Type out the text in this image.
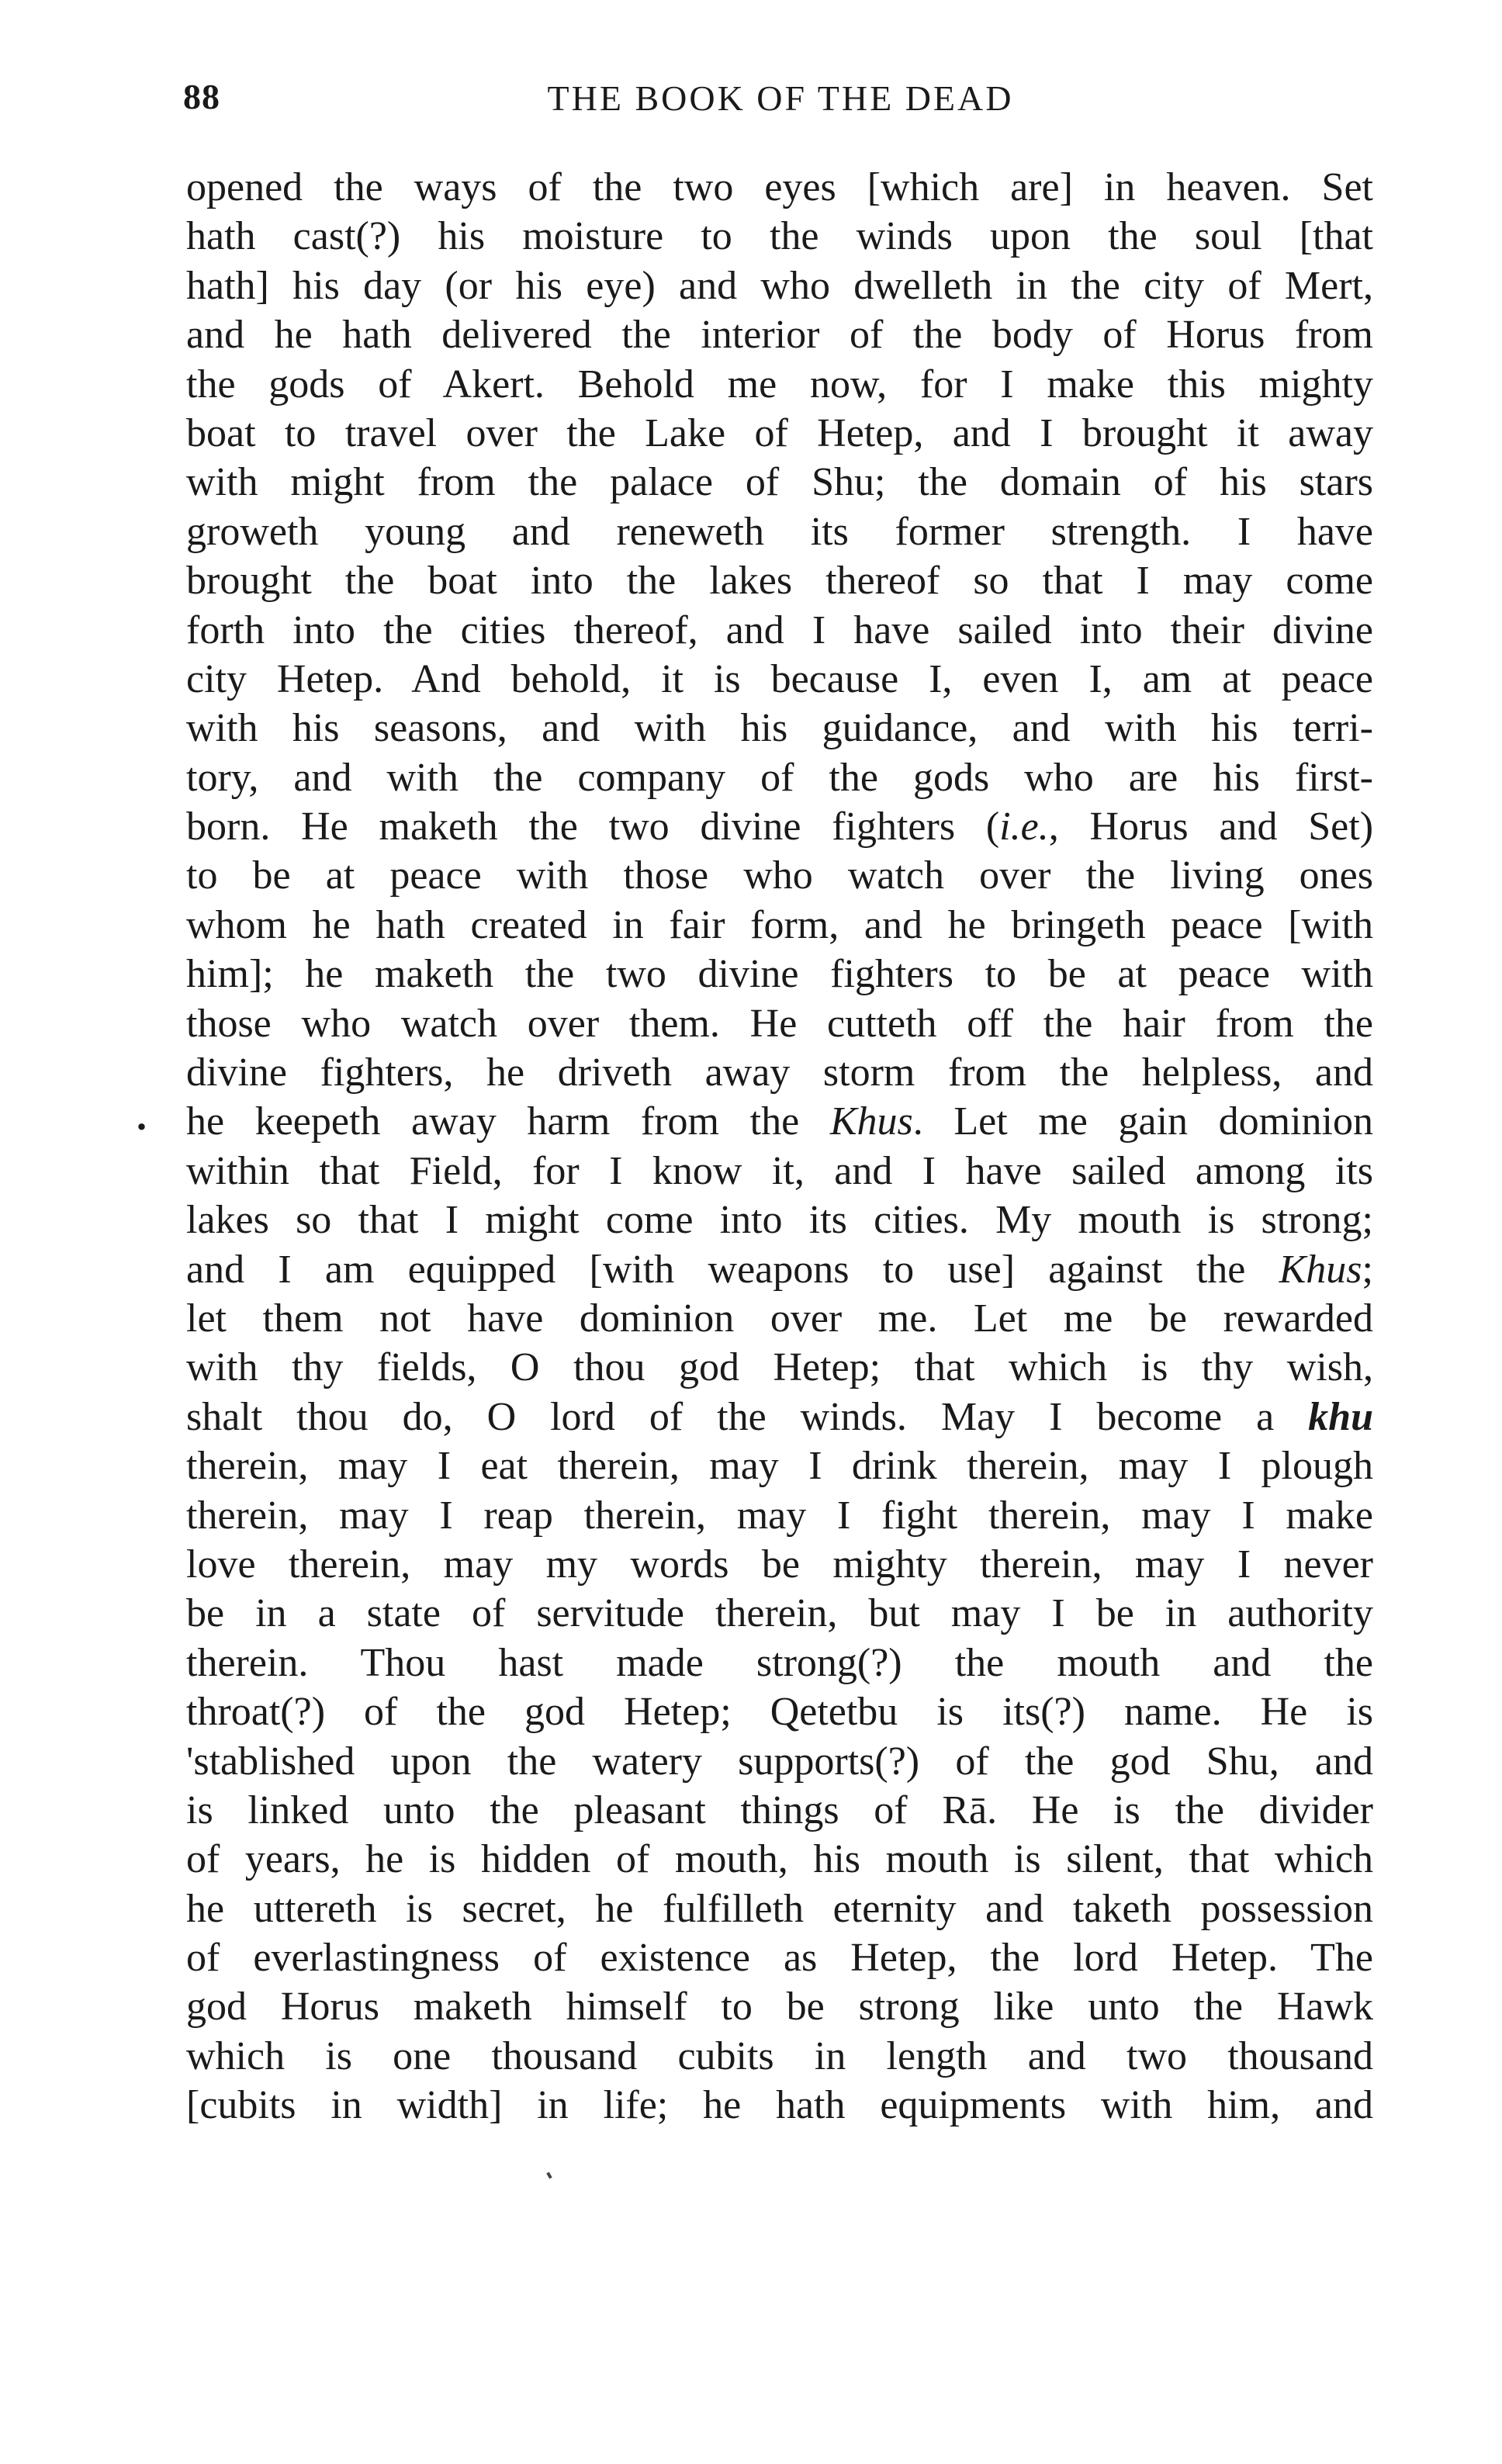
88	THE BOOK OF THE DEAD
.
opened the ways of the two eyes [which are] in heaven. Set
hath cast(?) his moisture to the winds upon the soul [that
hath] his day (or his eye) and who dwelleth in the city of Mert,
and he hath delivered the interior of the body of Horus from
the gods of Akert. Behold me now, for I make this mighty
boat to travel over the Lake of Hetep, and I brought it away
with might from the palace of Shu; the domain of his stars
groweth young and reneweth its former strength. I have
brought the boat into the lakes thereof so that I may come
forth into the cities thereof, and I have sailed into their divine
city Hetep. And behold, it is because I, even I, am at peace
with his seasons, and with his guidance, and with his terri-
tory, and with the company of the gods who are his first-
born. He maketh the two divine fighters (i.e., Horus and Set)
to be at peace with those who watch over the living ones
whom he hath created in fair form, and he bringeth peace [with
him]; he maketh the two divine fighters to be at peace with
those who watch over them. He cutteth off the hair from the
divine fighters, he driveth away storm from the helpless, and
he keepeth away harm from the Khus. Let me gain dominion
within that Field, for I know it, and I have sailed among its
lakes so that I might come into its cities. My mouth is strong;
and I am equipped [with weapons to use] against the Khus;
let them not have dominion over me. Let me be rewarded
with thy fields, O thou god Hetep; that which is thy wish,
shalt thou do, O lord of the winds. May I become a khu
therein, may I eat therein, may I drink therein, may I plough
therein, may I reap therein, may I fight therein, may I make
love therein, may my words be mighty therein, may I never
be in a state of servitude therein, but may I be in authority
therein. Thou hast made strong(?) the mouth and the
throat(?) of the god Hetep; Qetetbu is its(?) name. He is
'stablished upon the watery supports(?) of the god Shu, and
is linked unto the pleasant things of Rā. He is the divider
of years, he is hidden of mouth, his mouth is silent, that which
he uttereth is secret, he fulfilleth eternity and taketh possession
of everlastingness of existence as Hetep, the lord Hetep. The
god Horus maketh himself to be strong like unto the Hawk
which is one thousand cubits in length and two thousand
[cubits in width] in life; he hath equipments with him, and
